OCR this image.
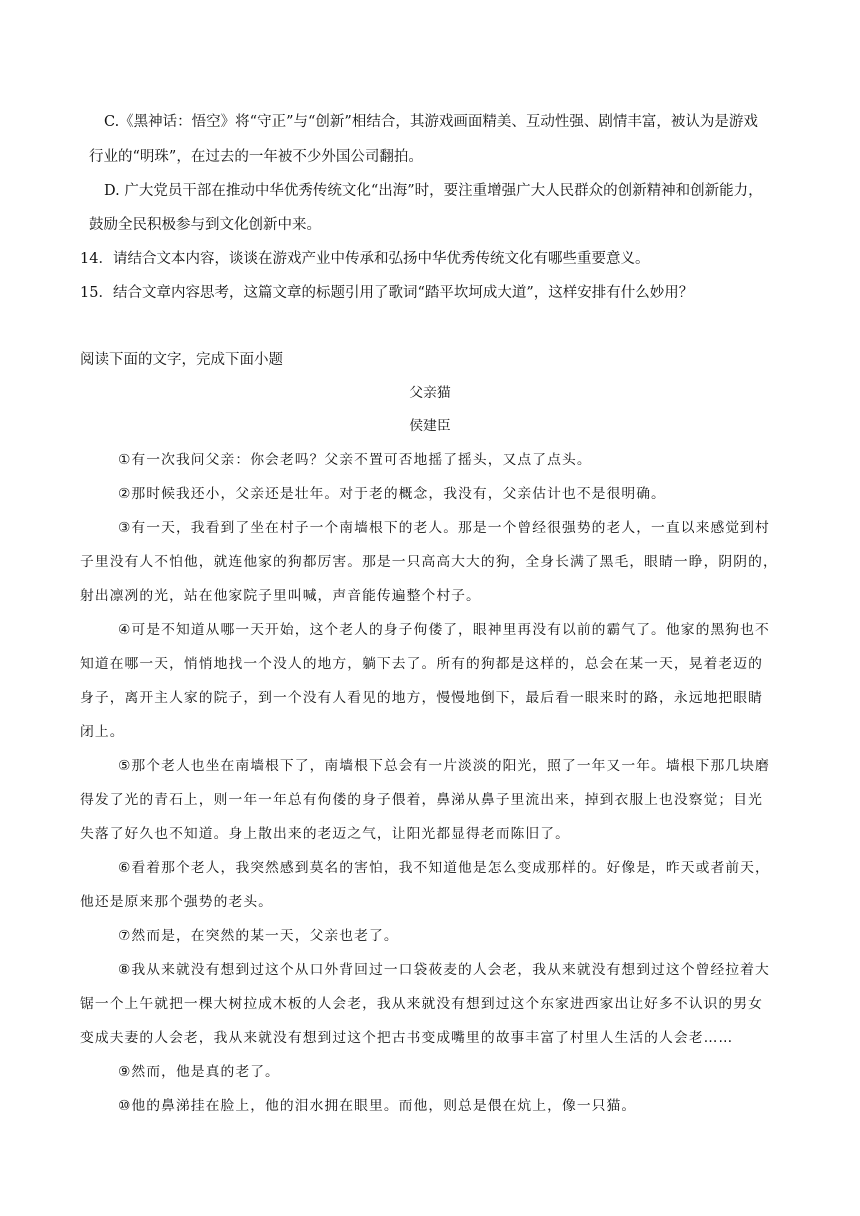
C.《黑神话：悟空》将“守正”与“创新”相结合，其游戏画面精美、互动性强、剧情丰富，被认为是游戏
行业的“明珠”，在过去的一年被不少外国公司翻拍。
D. 广大党员干部在推动中华优秀传统文化“出海”时，要注重增强广大人民群众的创新精神和创新能力，
鼓励全民积极参与到文化创新中来。
14．请结合文本内容，谈谈在游戏产业中传承和弘扬中华优秀传统文化有哪些重要意义。
15．结合文章内容思考，这篇文章的标题引用了歌词“踏平坎坷成大道”，这样安排有什么妙用？
阅读下面的文字，完成下面小题
父亲猫
侯建臣
①有一次我问父亲：你会老吗？父亲不置可否地摇了摇头，又点了点头。
②那时候我还小，父亲还是壮年。对于老的概念，我没有，父亲估计也不是很明确。
③有一天，我看到了坐在村子一个南墙根下的老人。那是一个曾经很强势的老人，一直以来感觉到村
子里没有人不怕他，就连他家的狗都厉害。那是一只高高大大的狗，全身长满了黑毛，眼睛一睁，阴阴的，
射出凛冽的光，站在他家院子里叫喊，声音能传遍整个村子。
④可是不知道从哪一天开始，这个老人的身子佝偻了，眼神里再没有以前的霸气了。他家的黑狗也不
知道在哪一天，悄悄地找一个没人的地方，躺下去了。所有的狗都是这样的，总会在某一天，晃着老迈的
身子，离开主人家的院子，到一个没有人看见的地方，慢慢地倒下，最后看一眼来时的路，永远地把眼睛
闭上。
⑤那个老人也坐在南墙根下了，南墙根下总会有一片淡淡的阳光，照了一年又一年。墙根下那几块磨
得发了光的青石上，则一年一年总有佝偻的身子偎着，鼻涕从鼻子里流出来，掉到衣服上也没察觉；目光
失落了好久也不知道。身上散出来的老迈之气，让阳光都显得老而陈旧了。
⑥看着那个老人，我突然感到莫名的害怕，我不知道他是怎么变成那样的。好像是，昨天或者前天，
他还是原来那个强势的老头。
⑦然而是，在突然的某一天，父亲也老了。
⑧我从来就没有想到过这个从口外背回过一口袋莜麦的人会老，我从来就没有想到过这个曾经拉着大
锯一个上午就把一棵大树拉成木板的人会老，我从来就没有想到过这个东家进西家出让好多不认识的男女
变成夫妻的人会老，我从来就没有想到过这个把古书变成嘴里的故事丰富了村里人生活的人会老……
⑨然而，他是真的老了。
⑩他的鼻涕挂在脸上，他的泪水拥在眼里。而他，则总是偎在炕上，像一只猫。
